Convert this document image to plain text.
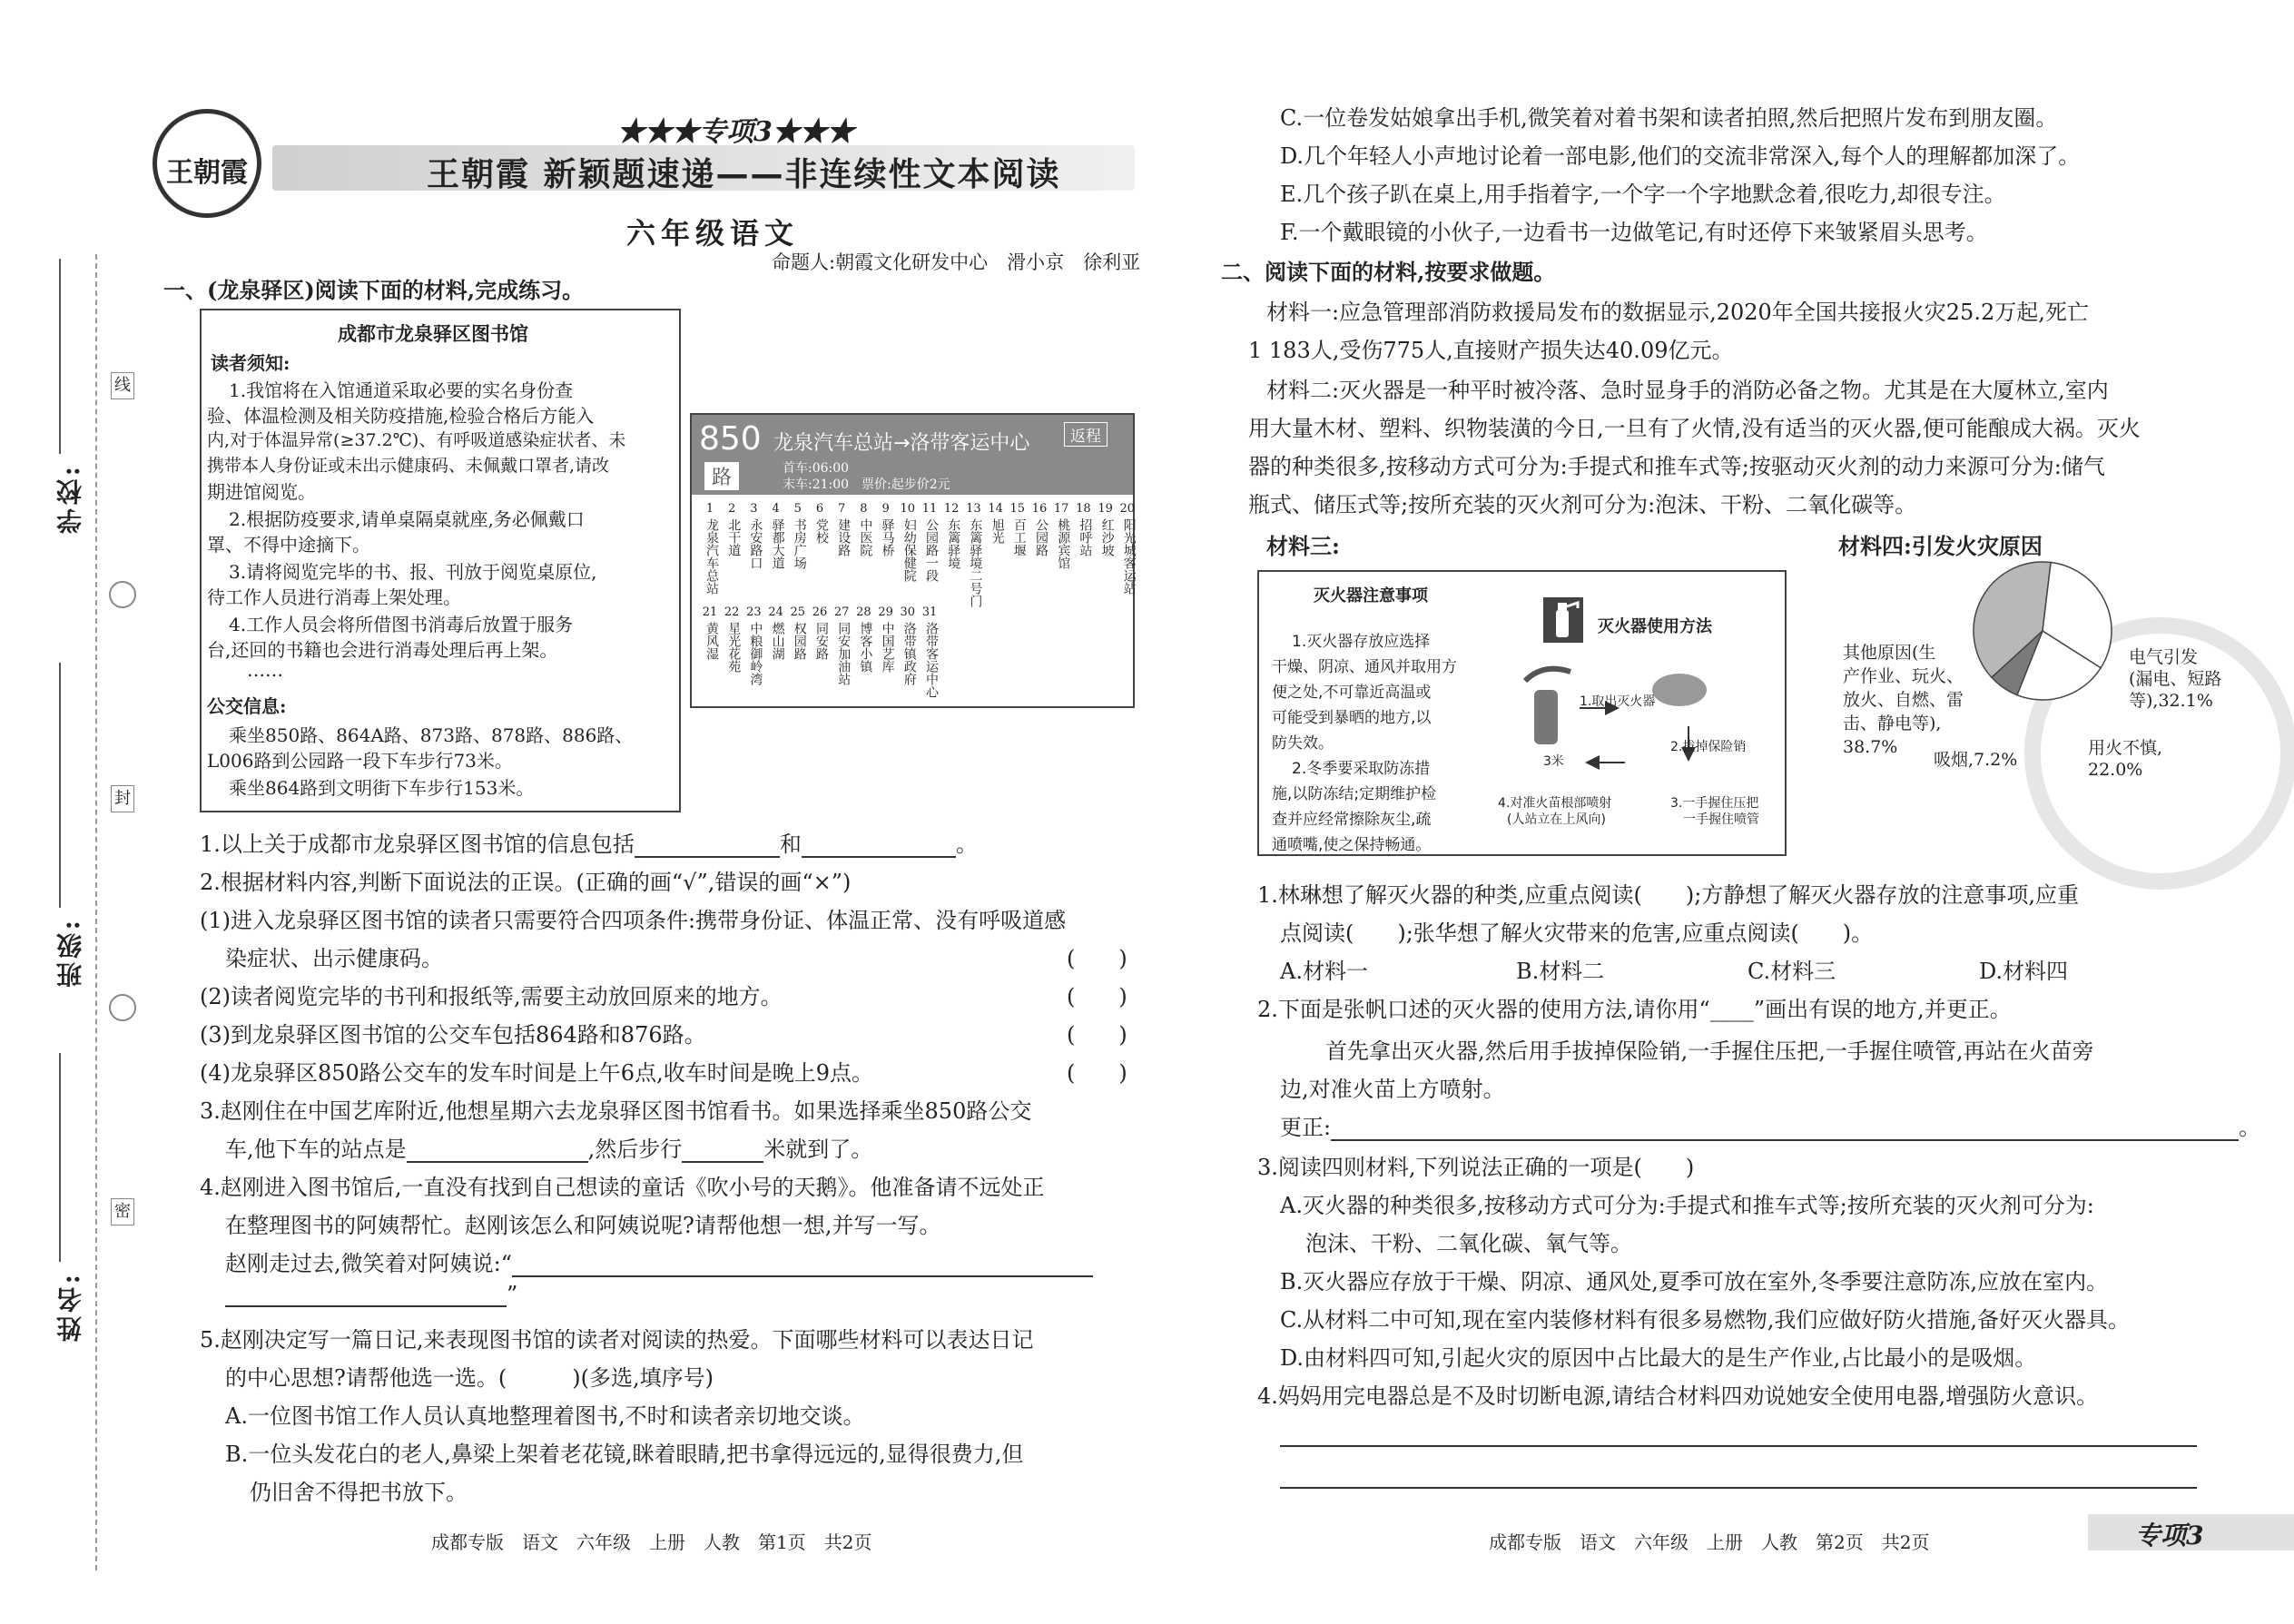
学校:
班级:
姓名:
线
封
密
王朝霞
★★★专项3★★★
王朝霞 新颖题速递——非连续性文本阅读
六年级语文
命题人:朝霞文化研发中心　滑小京　徐利亚
一、(龙泉驿区)阅读下面的材料,完成练习。
成都市龙泉驿区图书馆
读者须知:
1.我馆将在入馆通道采取必要的实名身份查
验、体温检测及相关防疫措施,检验合格后方能入
内,对于体温异常(≥37.2℃)、有呼吸道感染症状者、未
携带本人身份证或未出示健康码、未佩戴口罩者,请改
期进馆阅览。
2.根据防疫要求,请单桌隔桌就座,务必佩戴口
罩、不得中途摘下。
3.请将阅览完毕的书、报、刊放于阅览桌原位,
待工作人员进行消毒上架处理。
4.工作人员会将所借图书消毒后放置于服务
台,还回的书籍也会进行消毒处理后再上架。
……
公交信息:
乘坐850路、864A路、873路、878路、886路、
L006路到公园路一段下车步行73米。
乘坐864路到文明街下车步行153米。
850
路
龙泉汽车总站→洛带客运中心	返程
首车:06:00
末车:21:00　票价:起步价2元
1
龙泉汽车总站
2
北干道
3
永安路口
4
驿都大道
5
书房广场
6
党校
7
建设路
8
中医院
9
驿马桥
10
妇幼保健院
11
公园路一段
12
东篱驿境
13
东篱驿境二号门
14
旭光
15
百工堰
16
公园路
17
桃源宾馆
18
招呼站
19
红沙坡
20
阳光城客运站
21
黄风湿
22
星光花苑
23
中粮御岭湾
24
燃山湖
25
权园路
26
同安路
27
同安加油站
28
博客小镇
29
中国艺库
30
洛带镇政府
31
洛带客运中心
1.以上关于成都市龙泉驿区图书馆的信息包括	和	。
2.根据材料内容,判断下面说法的正误。(正确的画“√”,错误的画“×”)
(1)进入龙泉驿区图书馆的读者只需要符合四项条件:携带身份证、体温正常、没有呼吸道感
染症状、出示健康码。	(　　)
(2)读者阅览完毕的书刊和报纸等,需要主动放回原来的地方。	(　　)
(3)到龙泉驿区图书馆的公交车包括864路和876路。	(　　)
(4)龙泉驿区850路公交车的发车时间是上午6点,收车时间是晚上9点。	(　　)
3.赵刚住在中国艺库附近,他想星期六去龙泉驿区图书馆看书。如果选择乘坐850路公交
车,他下车的站点是	,然后步行	米就到了。
4.赵刚进入图书馆后,一直没有找到自己想读的童话《吹小号的天鹅》。他准备请不远处正
在整理图书的阿姨帮忙。赵刚该怎么和阿姨说呢?请帮他想一想,并写一写。
赵刚走过去,微笑着对阿姨说:“
”
5.赵刚决定写一篇日记,来表现图书馆的读者对阅读的热爱。下面哪些材料可以表达日记
的中心思想?请帮他选一选。(　　　)(多选,填序号)
A.一位图书馆工作人员认真地整理着图书,不时和读者亲切地交谈。
B.一位头发花白的老人,鼻梁上架着老花镜,眯着眼睛,把书拿得远远的,显得很费力,但
仍旧舍不得把书放下。
C.一位卷发姑娘拿出手机,微笑着对着书架和读者拍照,然后把照片发布到朋友圈。
D.几个年轻人小声地讨论着一部电影,他们的交流非常深入,每个人的理解都加深了。
E.几个孩子趴在桌上,用手指着字,一个字一个字地默念着,很吃力,却很专注。
F.一个戴眼镜的小伙子,一边看书一边做笔记,有时还停下来皱紧眉头思考。
二、阅读下面的材料,按要求做题。
材料一:应急管理部消防救援局发布的数据显示,2020年全国共接报火灾25.2万起,死亡
1 183人,受伤775人,直接财产损失达40.09亿元。
材料二:灭火器是一种平时被冷落、急时显身手的消防必备之物。尤其是在大厦林立,室内
用大量木材、塑料、织物装潢的今日,一旦有了火情,没有适当的灭火器,便可能酿成大祸。灭火
器的种类很多,按移动方式可分为:手提式和推车式等;按驱动灭火剂的动力来源可分为:储气
瓶式、储压式等;按所充装的灭火剂可分为:泡沫、干粉、二氧化碳等。
材料三:	材料四:引发火灾原因
灭火器注意事项
1.灭火器存放应选择
干燥、阴凉、通风并取用方
便之处,不可靠近高温或
可能受到暴晒的地方,以
防失效。
2.冬季要采取防冻措
施,以防冻结;定期维护检
查并应经常擦除灰尘,疏
通喷嘴,使之保持畅通。
灭火器使用方法
1.取出灭火器
2.拔掉保险销
3米
3.一手握住压把
一手握住喷管
4.对准火苗根部喷射
(人站立在上风向)
其他原因(生
产作业、玩火、
放火、自燃、雷
击、静电等),
38.7%
电气引发
(漏电、短路
等),32.1%
用火不慎,
22.0%
吸烟,7.2%
1.林琳想了解灭火器的种类,应重点阅读(　　);方静想了解灭火器存放的注意事项,应重
点阅读(　　);张华想了解火灾带来的危害,应重点阅读(　　)。
A.材料一	B.材料二	C.材料三	D.材料四
2.下面是张帆口述的灭火器的使用方法,请你用“____”画出有误的地方,并更正。
首先拿出灭火器,然后用手拔掉保险销,一手握住压把,一手握住喷管,再站在火苗旁
边,对准火苗上方喷射。
更正:	。
3.阅读四则材料,下列说法正确的一项是(　　)
A.灭火器的种类很多,按移动方式可分为:手提式和推车式等;按所充装的灭火剂可分为:
泡沫、干粉、二氧化碳、氧气等。
B.灭火器应存放于干燥、阴凉、通风处,夏季可放在室外,冬季要注意防冻,应放在室内。
C.从材料二中可知,现在室内装修材料有很多易燃物,我们应做好防火措施,备好灭火器具。
D.由材料四可知,引起火灾的原因中占比最大的是生产作业,占比最小的是吸烟。
4.妈妈用完电器总是不及时切断电源,请结合材料四劝说她安全使用电器,增强防火意识。
成都专版　语文　六年级　上册　人教　第1页　共2页	成都专版　语文　六年级　上册　人教　第2页　共2页	专项3
